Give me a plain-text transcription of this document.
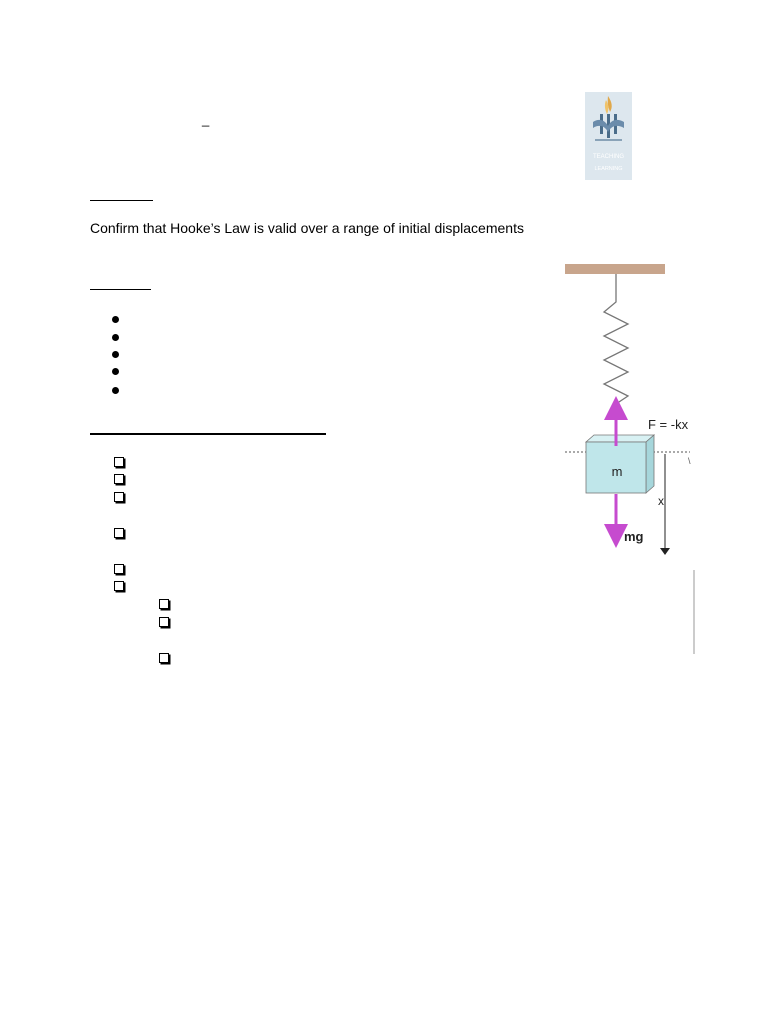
_
TEACHING
LEARNING
Confirm that Hooke’s Law is valid over a range of initial displacements
m
F = -kx
mg
x
\
